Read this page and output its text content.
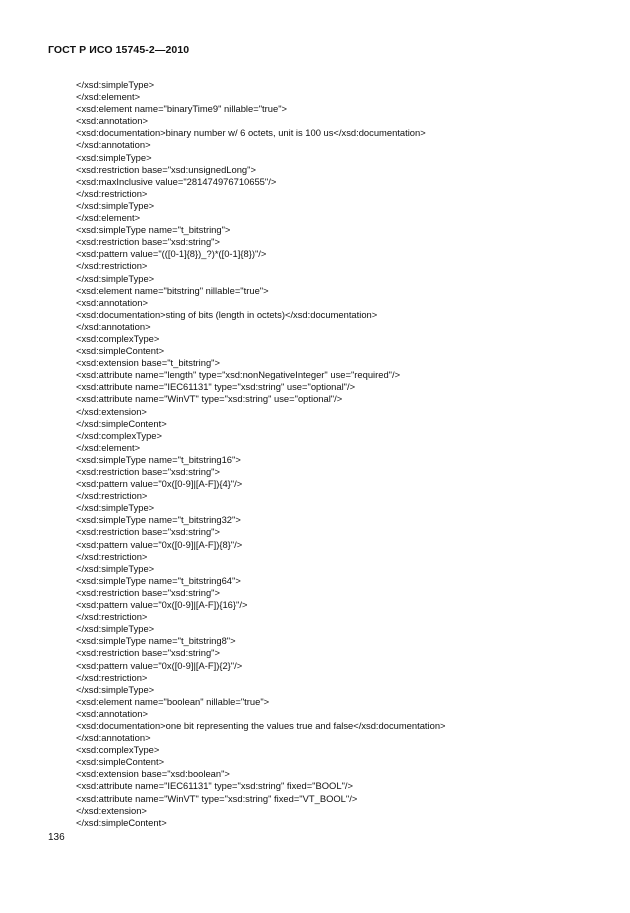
ГОСТ Р ИСО 15745-2—2010
</xsd:simpleType>
</xsd:element>
<xsd:element name="binaryTime9" nillable="true">
<xsd:annotation>
<xsd:documentation>binary number w/ 6 octets, unit is 100 us</xsd:documentation>
</xsd:annotation>
<xsd:simpleType>
<xsd:restriction base="xsd:unsignedLong">
<xsd:maxInclusive value="281474976710655"/>
</xsd:restriction>
</xsd:simpleType>
</xsd:element>
<xsd:simpleType name="t_bitstring">
<xsd:restriction base="xsd:string">
<xsd:pattern value="(([0-1]{8})_?)*([0-1]{8})"/>
</xsd:restriction>
</xsd:simpleType>
<xsd:element name="bitstring" nillable="true">
<xsd:annotation>
<xsd:documentation>sting of bits (length in octets)</xsd:documentation>
</xsd:annotation>
<xsd:complexType>
<xsd:simpleContent>
<xsd:extension base="t_bitstring">
<xsd:attribute name="length" type="xsd:nonNegativeInteger" use="required"/>
<xsd:attribute name="IEC61131" type="xsd:string" use="optional"/>
<xsd:attribute name="WinVT" type="xsd:string" use="optional"/>
</xsd:extension>
</xsd:simpleContent>
</xsd:complexType>
</xsd:element>
<xsd:simpleType name="t_bitstring16">
<xsd:restriction base="xsd:string">
<xsd:pattern value="0x([0-9]|[A-F]){4}"/>
</xsd:restriction>
</xsd:simpleType>
<xsd:simpleType name="t_bitstring32">
<xsd:restriction base="xsd:string">
<xsd:pattern value="0x([0-9]|[A-F]){8}"/>
</xsd:restriction>
</xsd:simpleType>
<xsd:simpleType name="t_bitstring64">
<xsd:restriction base="xsd:string">
<xsd:pattern value="0x([0-9]|[A-F]){16}"/>
</xsd:restriction>
</xsd:simpleType>
<xsd:simpleType name="t_bitstring8">
<xsd:restriction base="xsd:string">
<xsd:pattern value="0x([0-9]|[A-F]){2}"/>
</xsd:restriction>
</xsd:simpleType>
<xsd:element name="boolean" nillable="true">
<xsd:annotation>
<xsd:documentation>one bit representing the values true and false</xsd:documentation>
</xsd:annotation>
<xsd:complexType>
<xsd:simpleContent>
<xsd:extension base="xsd:boolean">
<xsd:attribute name="IEC61131" type="xsd:string" fixed="BOOL"/>
<xsd:attribute name="WinVT" type="xsd:string" fixed="VT_BOOL"/>
</xsd:extension>
</xsd:simpleContent>
136
